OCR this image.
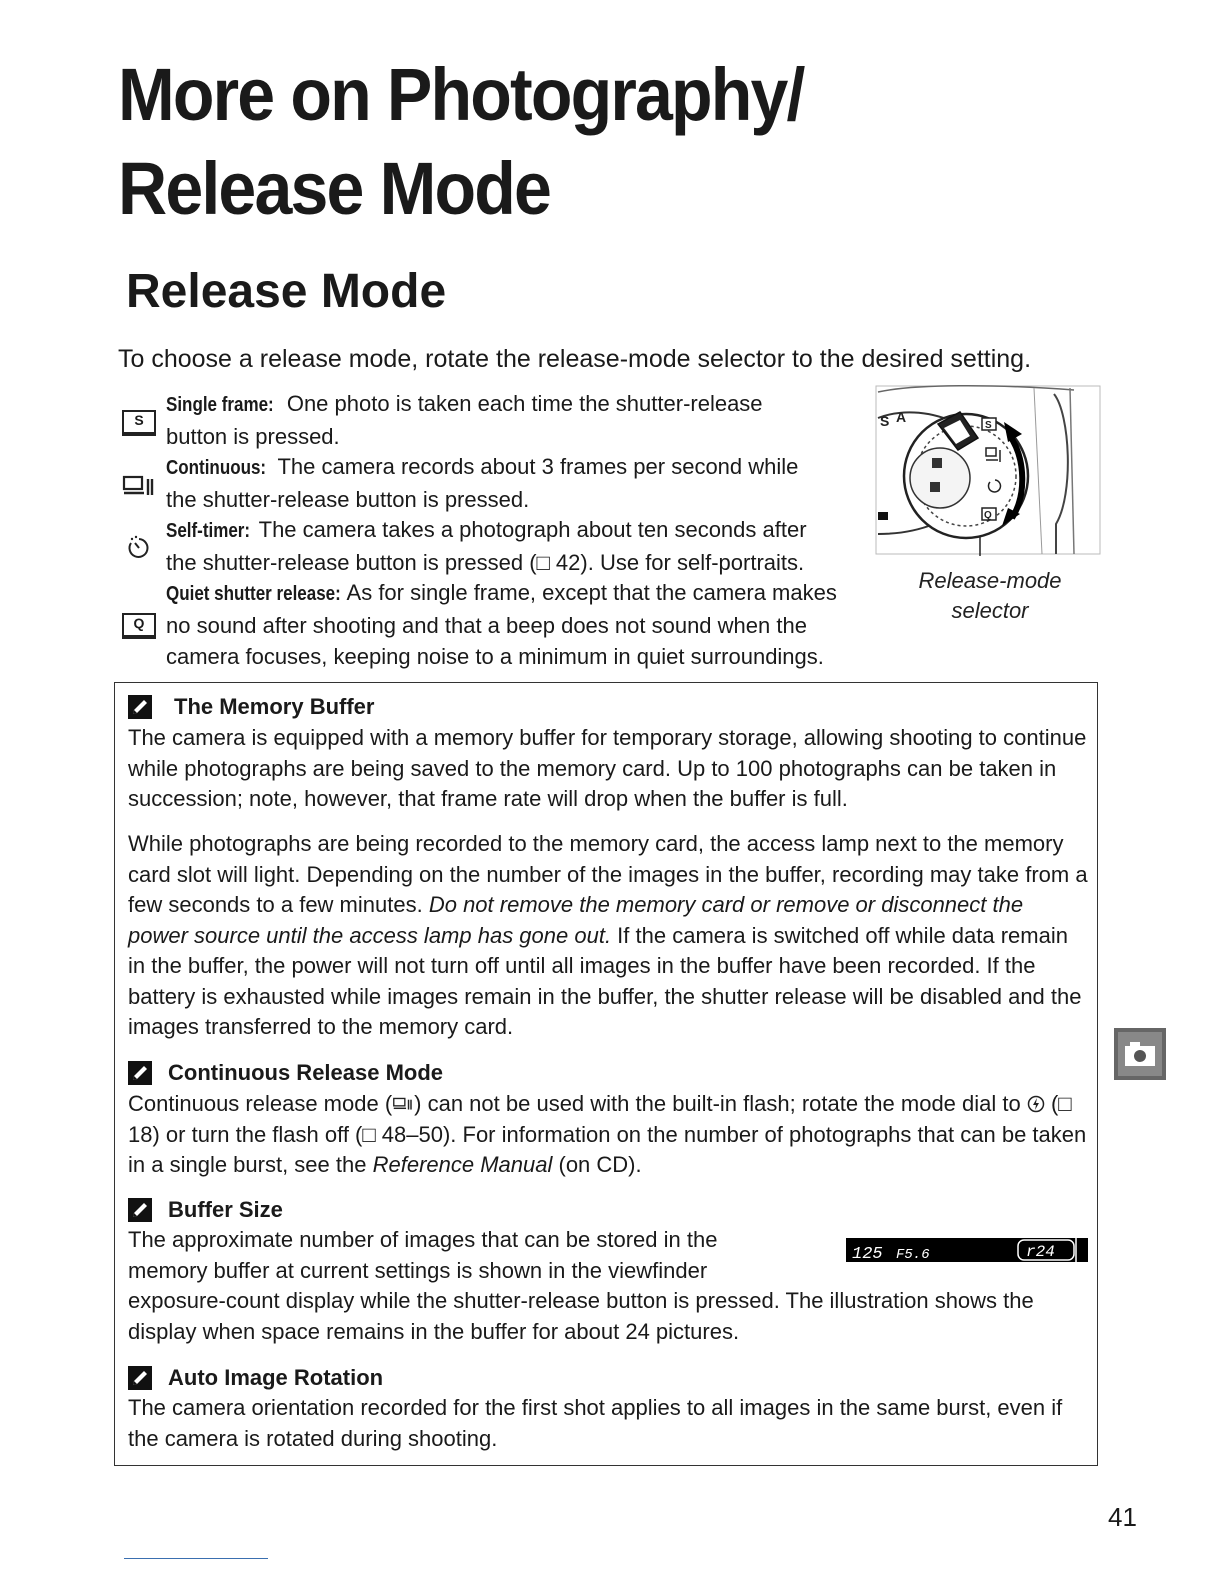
More on Photography/
Release Mode
Release Mode
To choose a release mode, rotate the release-mode selector to the desired setting.
S
Single frame: One photo is taken each time the shutter-release
button is pressed.
Continuous: The camera records about 3 frames per second while
the shutter-release button is pressed.
Self-timer: The camera takes a photograph about ten seconds after
the shutter-release button is pressed (□ 42). Use for self-portraits.
Q
Quiet shutter release: As for single frame, except that the camera makes
no sound after shooting and that a beep does not sound when the
camera focuses, keeping noise to a minimum in quiet surroundings.
S A
S
Q
Release-mode
selector
The Memory Buffer
The camera is equipped with a memory buffer for temporary storage, allowing shooting to continue while photographs are being saved to the memory card. Up to 100 photographs can be taken in succession; note, however, that frame rate will drop when the buffer is full.
While photographs are being recorded to the memory card, the access lamp next to the memory card slot will light. Depending on the number of the images in the buffer, recording may take from a few seconds to a few minutes. Do not remove the memory card or remove or disconnect the power source until the access lamp has gone out. If the camera is switched off while data remain in the buffer, the power will not turn off until all images in the buffer have been recorded. If the battery is exhausted while images remain in the buffer, the shutter release will be disabled and the images transferred to the memory card.
Continuous Release Mode
Continuous release mode ( ) can not be used with the built-in flash; rotate the mode dial to  (□ 18) or turn the flash off (□ 48–50). For information on the number of photographs that can be taken in a single burst, see the Reference Manual (on CD).
Buffer Size
The approximate number of images that can be stored in the
memory buffer at current settings is shown in the viewfinder
exposure-count display while the shutter-release button is pressed. The illustration shows the display when space remains in the buffer for about 24 pictures.
125 F5.6	r24
Auto Image Rotation
The camera orientation recorded for the first shot applies to all images in the same burst, even if the camera is rotated during shooting.
41
